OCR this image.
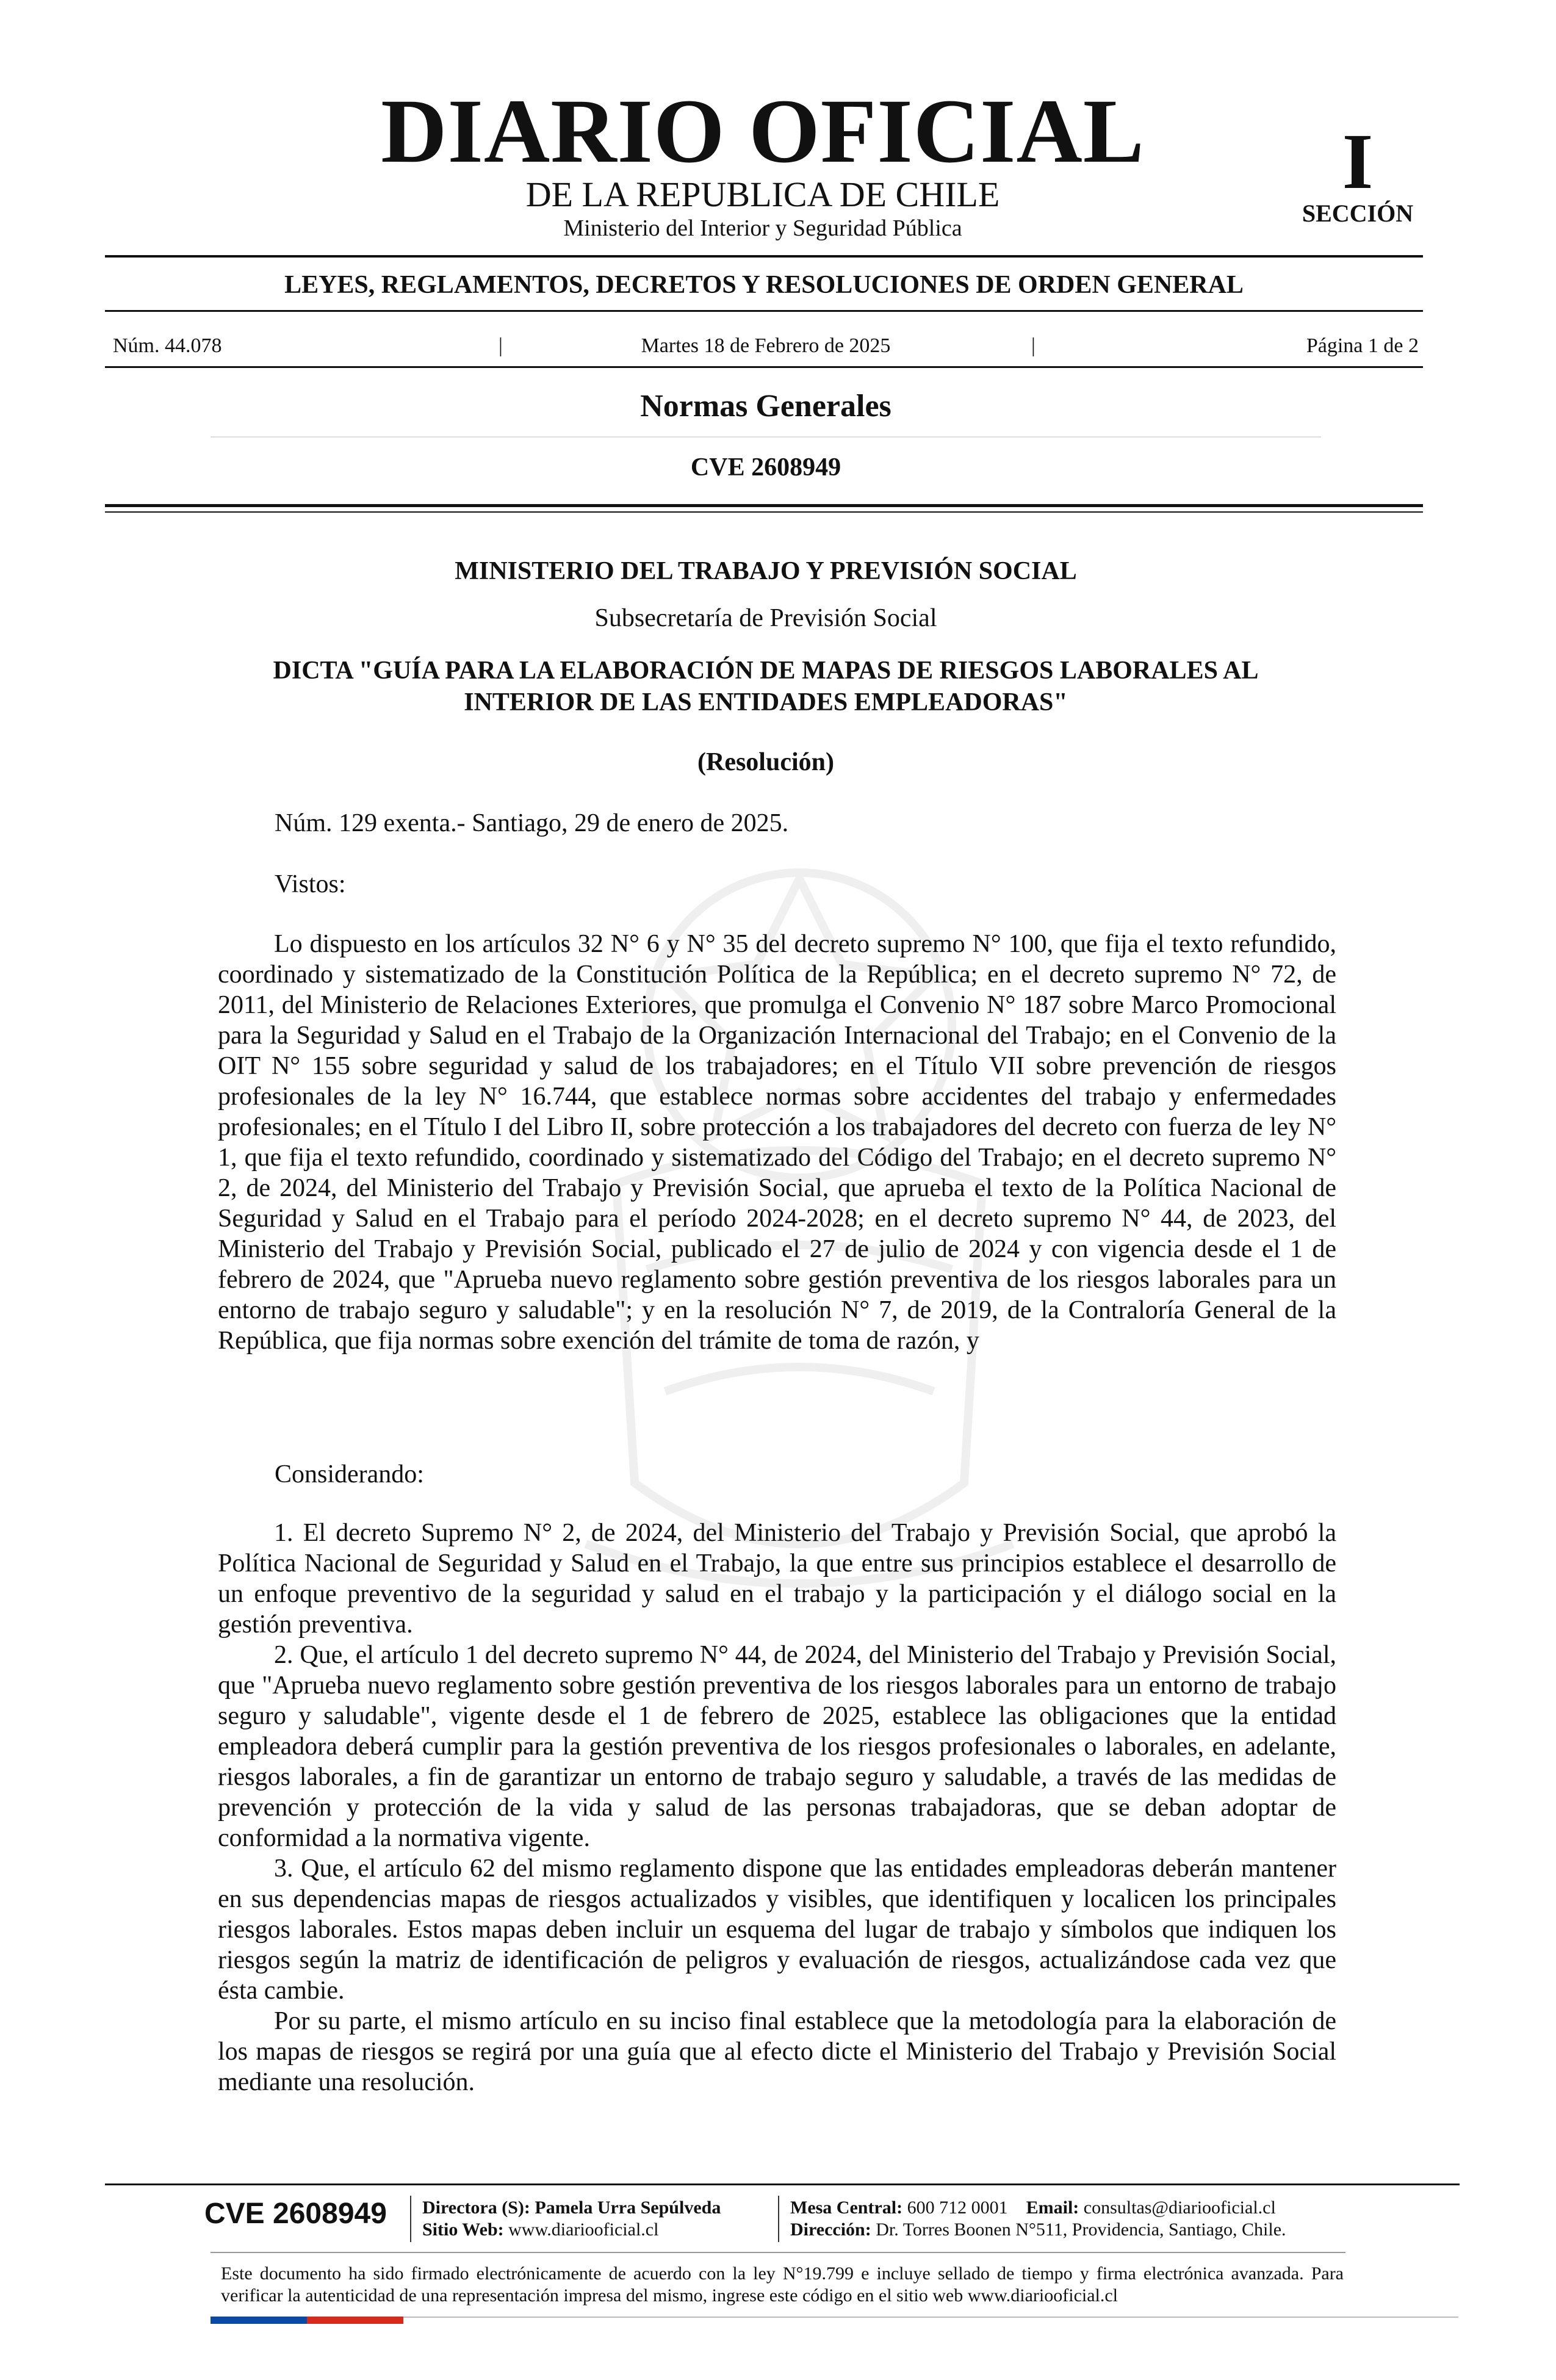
DIARIO OFICIAL
DE LA REPUBLICA DE CHILE
Ministerio del Interior y Seguridad Pública
I
SECCIÓN
LEYES, REGLAMENTOS, DECRETOS Y RESOLUCIONES DE ORDEN GENERAL
Núm. 44.078	|	Martes 18 de Febrero de 2025	|	Página 1 de 2
Normas Generales
CVE 2608949
MINISTERIO DEL TRABAJO Y PREVISIÓN SOCIAL
Subsecretaría de Previsión Social
DICTA "GUÍA PARA LA ELABORACIÓN DE MAPAS DE RIESGOS LABORALES AL INTERIOR DE LAS ENTIDADES EMPLEADORAS"
(Resolución)
Núm. 129 exenta.- Santiago, 29 de enero de 2025.
Vistos:

Lo dispuesto en los artículos 32 N° 6 y N° 35 del decreto supremo N° 100, que fija el texto refundido, coordinado y sistematizado de la Constitución Política de la República; en el decreto supremo N° 72, de 2011, del Ministerio de Relaciones Exteriores, que promulga el Convenio N° 187 sobre Marco Promocional para la Seguridad y Salud en el Trabajo de la Organización Internacional del Trabajo; en el Convenio de la OIT N° 155 sobre seguridad y salud de los trabajadores; en el Título VII sobre prevención de riesgos profesionales de la ley N° 16.744, que establece normas sobre accidentes del trabajo y enfermedades profesionales; en el Título I del Libro II, sobre protección a los trabajadores del decreto con fuerza de ley N° 1, que fija el texto refundido, coordinado y sistematizado del Código del Trabajo; en el decreto supremo N° 2, de 2024, del Ministerio del Trabajo y Previsión Social, que aprueba el texto de la Política Nacional de Seguridad y Salud en el Trabajo para el período 2024-2028; en el decreto supremo N° 44, de 2023, del Ministerio del Trabajo y Previsión Social, publicado el 27 de julio de 2024 y con vigencia desde el 1 de febrero de 2024, que "Aprueba nuevo reglamento sobre gestión preventiva de los riesgos laborales para un entorno de trabajo seguro y saludable"; y en la resolución N° 7, de 2019, de la Contraloría General de la República, que fija normas sobre exención del trámite de toma de razón, y

Considerando:

1. El decreto Supremo N° 2, de 2024, del Ministerio del Trabajo y Previsión Social, que aprobó la Política Nacional de Seguridad y Salud en el Trabajo, la que entre sus principios establece el desarrollo de un enfoque preventivo de la seguridad y salud en el trabajo y la participación y el diálogo social en la gestión preventiva.

2. Que, el artículo 1 del decreto supremo N° 44, de 2024, del Ministerio del Trabajo y Previsión Social, que "Aprueba nuevo reglamento sobre gestión preventiva de los riesgos laborales para un entorno de trabajo seguro y saludable", vigente desde el 1 de febrero de 2025, establece las obligaciones que la entidad empleadora deberá cumplir para la gestión preventiva de los riesgos profesionales o laborales, en adelante, riesgos laborales, a fin de garantizar un entorno de trabajo seguro y saludable, a través de las medidas de prevención y protección de la vida y salud de las personas trabajadoras, que se deban adoptar de conformidad a la normativa vigente.

3. Que, el artículo 62 del mismo reglamento dispone que las entidades empleadoras deberán mantener en sus dependencias mapas de riesgos actualizados y visibles, que identifiquen y localicen los principales riesgos laborales. Estos mapas deben incluir un esquema del lugar de trabajo y símbolos que indiquen los riesgos según la matriz de identificación de peligros y evaluación de riesgos, actualizándose cada vez que ésta cambie.

Por su parte, el mismo artículo en su inciso final establece que la metodología para la elaboración de los mapas de riesgos se regirá por una guía que al efecto dicte el Ministerio del Trabajo y Previsión Social mediante una resolución.

CVE 2608949 Directora (S): Pamela Urra Sepúlveda
Sitio Web: www.diariooficial.cl
Mesa Central: 600 712 0001 Email: consultas@diariooficial.cl
Dirección: Dr. Torres Boonen N°511, Providencia, Santiago, Chile.
Este documento ha sido firmado electrónicamente de acuerdo con la ley N°19.799 e incluye sellado de tiempo y firma electrónica avanzada. Para verificar la autenticidad de una representación impresa del mismo, ingrese este código en el sitio web www.diariooficial.cl
